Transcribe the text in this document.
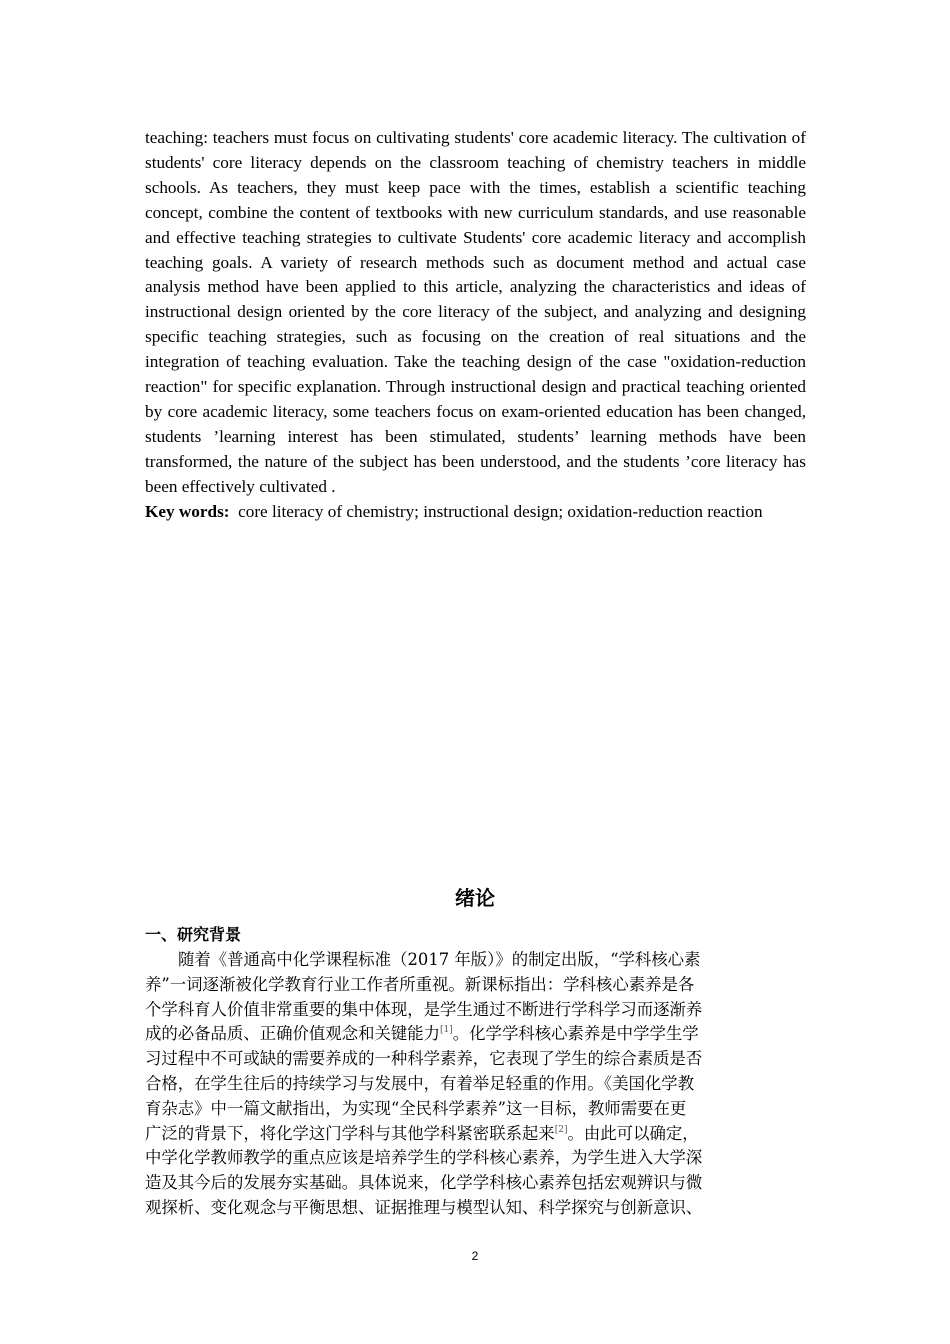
teaching: teachers must focus on cultivating students' core academic literacy. The cultivation of students' core literacy depends on the classroom teaching of chemistry teachers in middle schools. As teachers, they must keep pace with the times, establish a scientific teaching concept, combine the content of textbooks with new curriculum standards, and use reasonable and effective teaching strategies to cultivate Students' core academic literacy and accomplish teaching goals. A variety of research methods such as document method and actual case analysis method have been applied to this article, analyzing the characteristics and ideas of instructional design oriented by the core literacy of the subject, and analyzing and designing specific teaching strategies, such as focusing on the creation of real situations and the integration of teaching evaluation. Take the teaching design of the case "oxidation-reduction reaction" for specific explanation. Through instructional design and practical teaching oriented by core academic literacy, some teachers focus on exam-oriented education has been changed, students ’learning interest has been stimulated, students’ learning methods have been transformed, the nature of the subject has been understood, and the students ’core literacy has been effectively cultivated .

Key words: core literacy of chemistry; instructional design; oxidation-reduction reaction

绪论
一、研究背景
随着《普通高中化学课程标准（2017 年版）》的制定出版，“学科核心素
养”一词逐渐被化学教育行业工作者所重视。新课标指出：学科核心素养是各
个学科育人价值非常重要的集中体现，是学生通过不断进行学科学习而逐渐养
成的必备品质、正确价值观念和关键能力[1]。化学学科核心素养是中学学生学
习过程中不可或缺的需要养成的一种科学素养，它表现了学生的综合素质是否
合格，在学生往后的持续学习与发展中，有着举足轻重的作用。《美国化学教
育杂志》中一篇文献指出，为实现“全民科学素养”这一目标，教师需要在更
广泛的背景下，将化学这门学科与其他学科紧密联系起来[2]。由此可以确定，
中学化学教师教学的重点应该是培养学生的学科核心素养，为学生进入大学深
造及其今后的发展夯实基础。具体说来，化学学科核心素养包括宏观辨识与微
观探析、变化观念与平衡思想、证据推理与模型认知、科学探究与创新意识、
2
